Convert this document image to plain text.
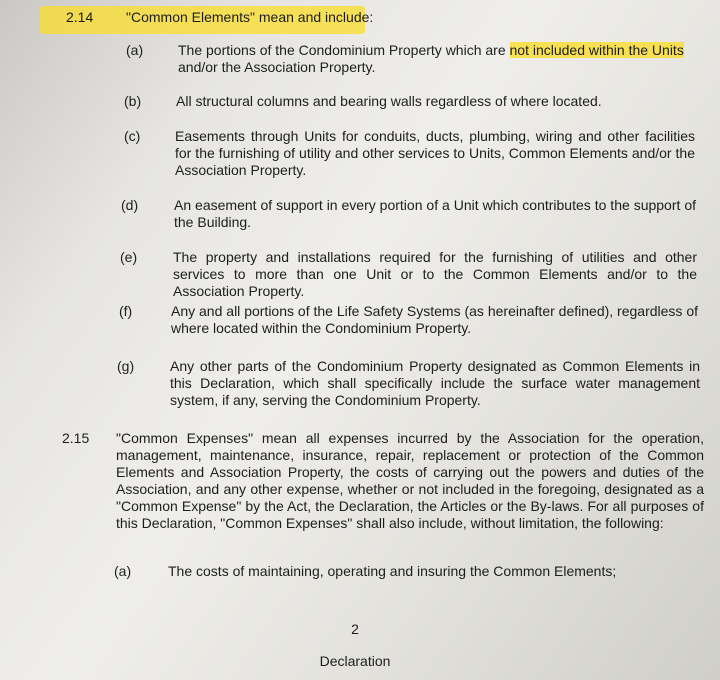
2.14 "Common Elements" mean and include:
(a) The portions of the Condominium Property which are not included within the Units and/or the Association Property.
(b) All structural columns and bearing walls regardless of where located.
(c) Easements through Units for conduits, ducts, plumbing, wiring and other facilities for the furnishing of utility and other services to Units, Common Elements and/or the Association Property.
(d)	An easement of support in every portion of a Unit which contributes to the support of the Building.
(e)	The property and installations required for the furnishing of utilities and other services to more than one Unit or to the Common Elements and/or to the Association Property.
(f)	Any and all portions of the Life Safety Systems (as hereinafter defined), regardless of where located within the Condominium Property.
(g)	Any other parts of the Condominium Property designated as Common Elements in this Declaration, which shall specifically include the surface water management system, if any, serving the Condominium Property.
2.15 "Common Expenses" mean all expenses incurred by the Association for the operation, management, maintenance, insurance, repair, replacement or protection of the Common Elements and Association Property, the costs of carrying out the powers and duties of the Association, and any other expense, whether or not included in the foregoing, designated as a "Common Expense" by the Act, the Declaration, the Articles or the By-laws. For all purposes of this Declaration, "Common Expenses" shall also include, without limitation, the following:
(a)	The costs of maintaining, operating and insuring the Common Elements;
2
Declaration
